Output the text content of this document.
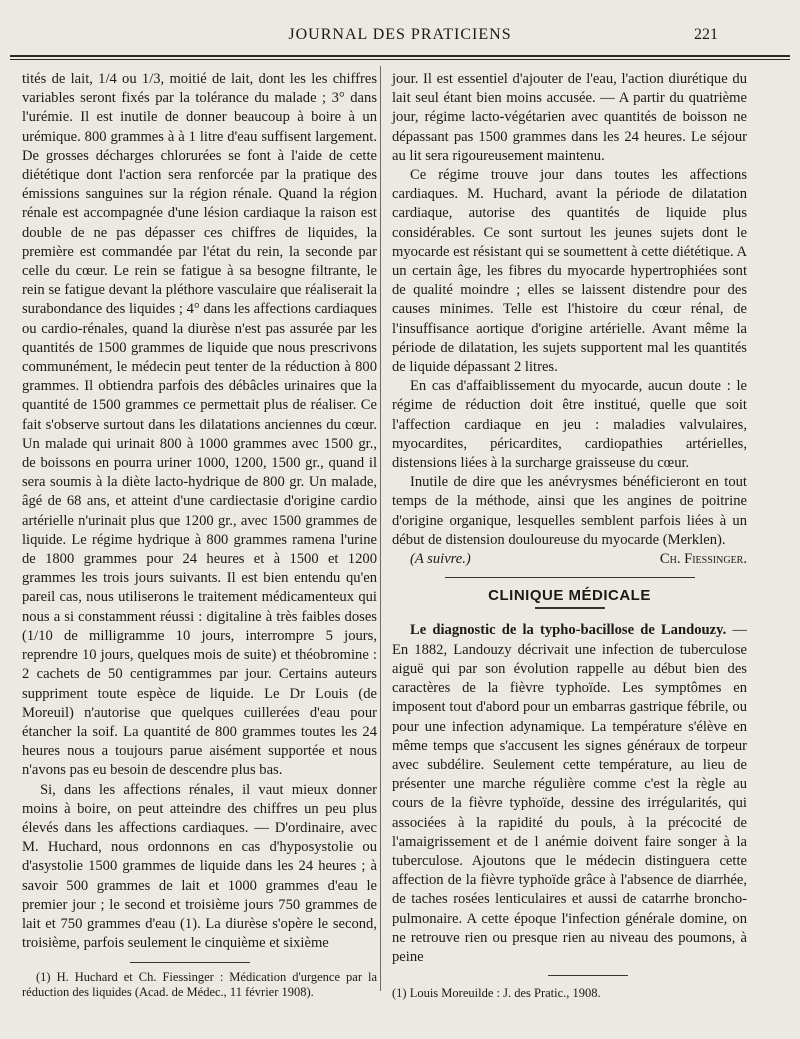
JOURNAL DES PRATICIENS	221

tités de lait, 1/4 ou 1/3, moitié de lait, dont les les chiffres variables seront fixés par la tolérance du malade ; 3° dans l'urémie. Il est inutile de donner beaucoup à boire à un urémique. 800 grammes à à 1 litre d'eau suffisent largement. De grosses décharges chlorurées se font à l'aide de cette diététique dont l'action sera renforcée par la pratique des émissions sanguines sur la région rénale. Quand la région rénale est accompagnée d'une lésion cardiaque la raison est double de ne pas dépasser ces chiffres de liquides, la première est commandée par l'état du rein, la seconde par celle du cœur. Le rein se fatigue à sa besogne filtrante, le rein se fatigue devant la pléthore vasculaire que réaliserait la surabondance des liquides ; 4° dans les affections cardiaques ou cardio-rénales, quand la diurèse n'est pas assurée par les quantités de 1500 grammes de liquide que nous prescrivons communément, le médecin peut tenter de la réduction à 800 grammes. Il obtiendra parfois des débâcles urinaires que la quantité de 1500 grammes ce permettait plus de réaliser. Ce fait s'observe surtout dans les dilatations anciennes du cœur. Un malade qui urinait 800 à 1000 grammes avec 1500 gr., de boissons en pourra uriner 1000, 1200, 1500 gr., quand il sera soumis à la diète lacto-hydrique de 800 gr. Un malade, âgé de 68 ans, et atteint d'une cardiectasie d'origine cardio artérielle n'urinait plus que 1200 gr., avec 1500 grammes de liquide. Le régime hydrique à 800 grammes ramena l'urine de 1800 grammes pour 24 heures et à 1500 et 1200 grammes les trois jours suivants. Il est bien entendu qu'en pareil cas, nous utiliserons le traitement médicamenteux qui nous a si constamment réussi : digitaline à très faibles doses (1/10 de milligramme 10 jours, interrompre 5 jours, reprendre 10 jours, quelques mois de suite) et théobromine : 2 cachets de 50 centigrammes par jour. Certains auteurs suppriment toute espèce de liquide. Le Dr Louis (de Moreuil) n'autorise que quelques cuillerées d'eau pour étancher la soif. La quantité de 800 grammes toutes les 24 heures nous a toujours parue aisément supportée et nous n'avons pas eu besoin de descendre plus bas.

Si, dans les affections rénales, il vaut mieux donner moins à boire, on peut atteindre des chiffres un peu plus élevés dans les affections cardiaques. — D'ordinaire, avec M. Huchard, nous ordonnons en cas d'hyposystolie ou d'asystolie 1500 grammes de liquide dans les 24 heures ; à savoir 500 grammes de lait et 1000 grammes d'eau le premier jour ; le second et troisième jours 750 grammes de lait et 750 grammes d'eau (1). La diurèse s'opère le second, troisième, parfois seulement le cinquième et sixième

jour. Il est essentiel d'ajouter de l'eau, l'action diurétique du lait seul étant bien moins accusée. — A partir du quatrième jour, régime lacto-végétarien avec quantités de boisson ne dépassant pas 1500 grammes dans les 24 heures. Le séjour au lit sera rigoureusement maintenu.

Ce régime trouve jour dans toutes les affections cardiaques. M. Huchard, avant la période de dilatation cardiaque, autorise des quantités de liquide plus considérables. Ce sont surtout les jeunes sujets dont le myocarde est résistant qui se soumettent à cette diététique. A un certain âge, les fibres du myocarde hypertrophiées sont de qualité moindre ; elles se laissent distendre pour des causes minimes. Telle est l'histoire du cœur rénal, de l'insuffisance aortique d'origine artérielle. Avant même la période de dilatation, les sujets supportent mal les quantités de liquide dépassant 2 litres.

En cas d'affaiblissement du myocarde, aucun doute : le régime de réduction doit être institué, quelle que soit l'affection cardiaque en jeu : maladies valvulaires, myocardites, péricardites, cardiopathies artérielles, distensions liées à la surcharge graisseuse du cœur.

Inutile de dire que les anévrysmes bénéficieront en tout temps de la méthode, ainsi que les angines de poitrine d'origine organique, lesquelles semblent parfois liées à un début de distension douloureuse du myocarde (Merklen).

(A suivre.)	Ch. Fiessinger.
CLINIQUE MÉDICALE

Le diagnostic de la typho-bacillose de Landouzy. — En 1882, Landouzy décrivait une infection de tuberculose aiguë qui par son évolution rappelle au début bien des caractères de la fièvre typhoïde. Les symptômes en imposent tout d'abord pour un embarras gastrique fébrile, ou pour une infection adynamique. La température s'élève en même temps que s'accusent les signes généraux de torpeur avec subdélire. Seulement cette température, au lieu de présenter une marche régulière comme c'est la règle au cours de la fièvre typhoïde, dessine des irrégularités, qui associées à la rapidité du pouls, à la précocité de l'amaigrissement et de l anémie doivent faire songer à la tuberculose. Ajoutons que le médecin distinguera cette affection de la fièvre typhoïde grâce à l'absence de diarrhée, de taches rosées lenticulaires et aussi de catarrhe broncho-pulmonaire. A cette époque l'infection générale domine, on ne retrouve rien ou presque rien au niveau des poumons, à peine

(1) H. Huchard et Ch. Fiessinger : Médication d'urgence par la réduction des liquides (Acad. de Médec., 11 février 1908).	(1) Louis Moreuilde : J. des Pratic., 1908.
